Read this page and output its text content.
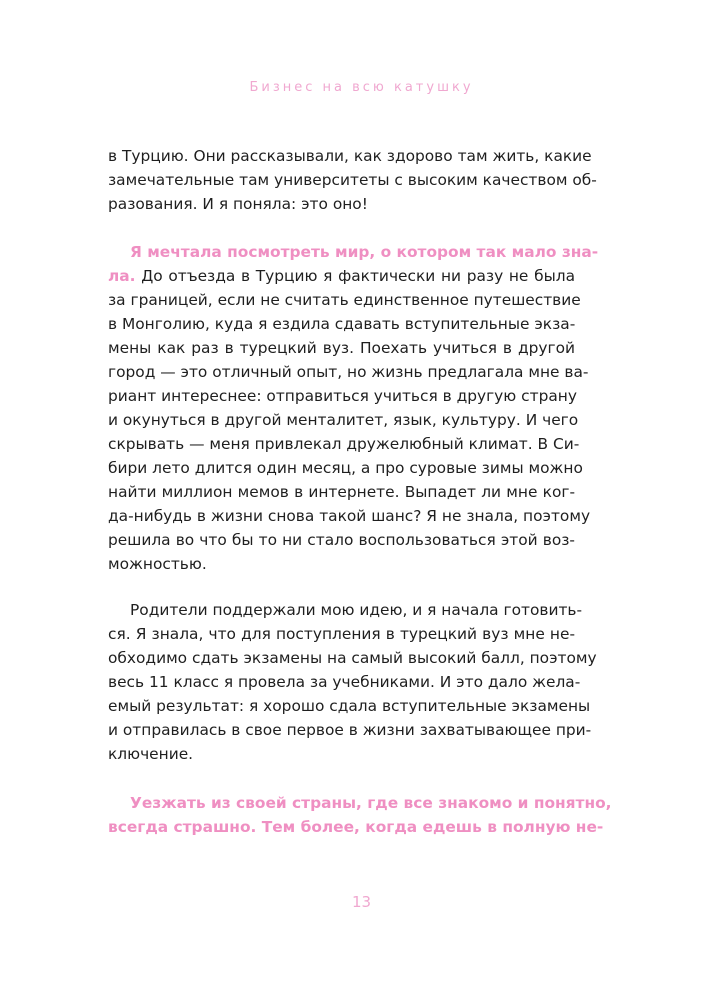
Бизнес на всю катушку
в Турцию. Они рассказывали, как здорово там жить, какие
замечательные там университеты с высоким качеством об-
разования. И я поняла: это оно!
Я мечтала посмотреть мир, о котором так мало зна-
ла. До отъезда в Турцию я фактически ни разу не была
за границей, если не считать единственное путешествие
в Монголию, куда я ездила сдавать вступительные экза-
мены как раз в турецкий вуз. Поехать учиться в другой
город — это отличный опыт, но жизнь предлагала мне ва-
риант интереснее: отправиться учиться в другую страну
и окунуться в другой менталитет, язык, культуру. И чего
скрывать — меня привлекал дружелюбный климат. В Си-
бири лето длится один месяц, а про суровые зимы можно
найти миллион мемов в интернете. Выпадет ли мне ког-
да-нибудь в жизни снова такой шанс? Я не знала, поэтому
решила во что бы то ни стало воспользоваться этой воз-
можностью.
Родители поддержали мою идею, и я начала готовить-
ся. Я знала, что для поступления в турецкий вуз мне не-
обходимо сдать экзамены на самый высокий балл, поэтому
весь 11 класс я провела за учебниками. И это дало жела-
емый результат: я хорошо сдала вступительные экзамены
и отправилась в свое первое в жизни захватывающее при-
ключение.
Уезжать из своей страны, где все знакомо и понятно,
всегда страшно. Тем более, когда едешь в полную не-
13
